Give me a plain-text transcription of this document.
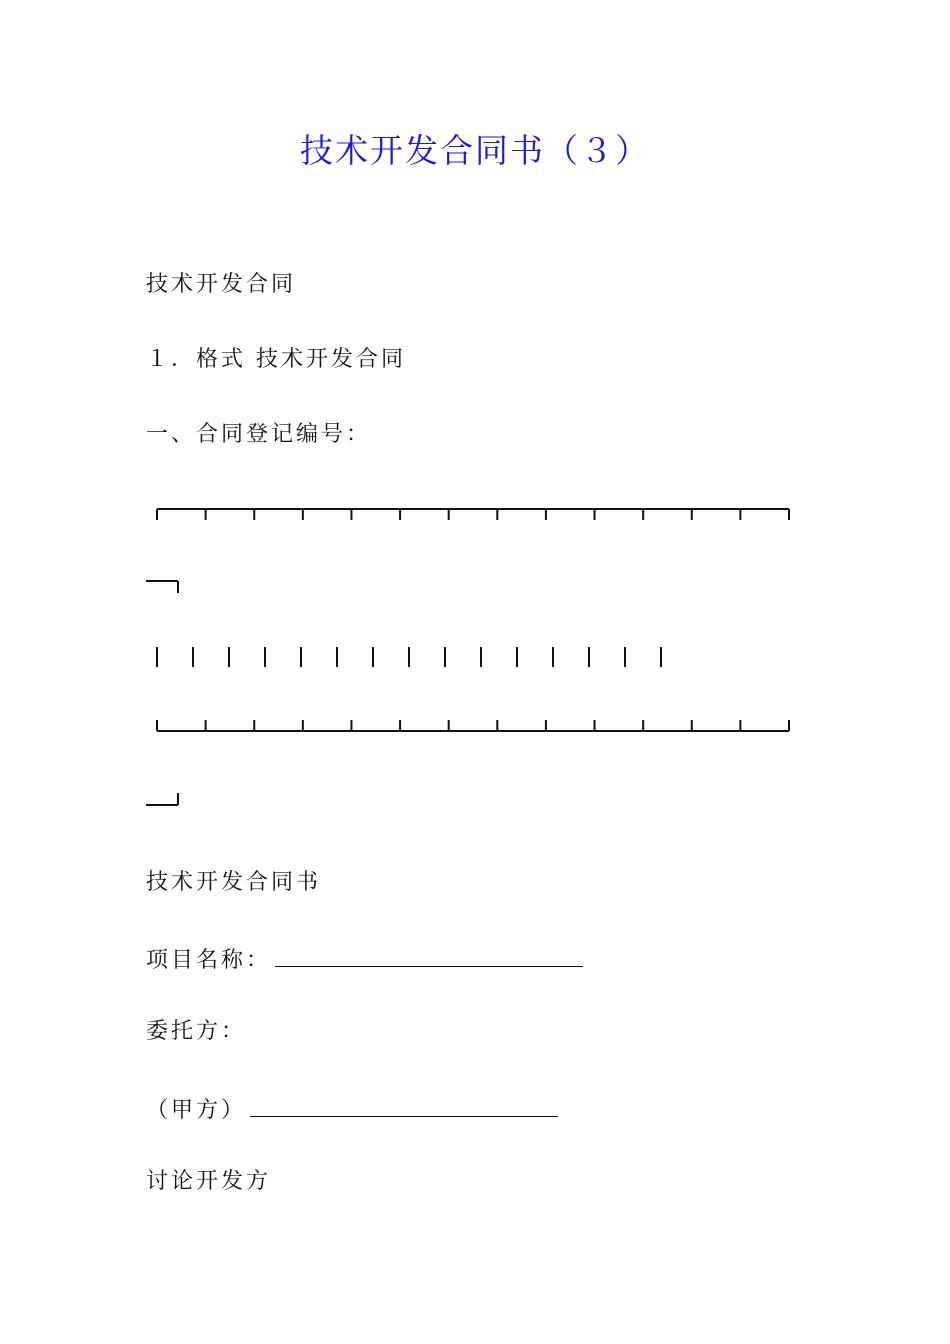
技术开发合同书（３）
技术开发合同
１．格式 技术开发合同
一、合同登记编号：
技术开发合同书
项目名称：
委托方：
（甲方）
讨论开发方
